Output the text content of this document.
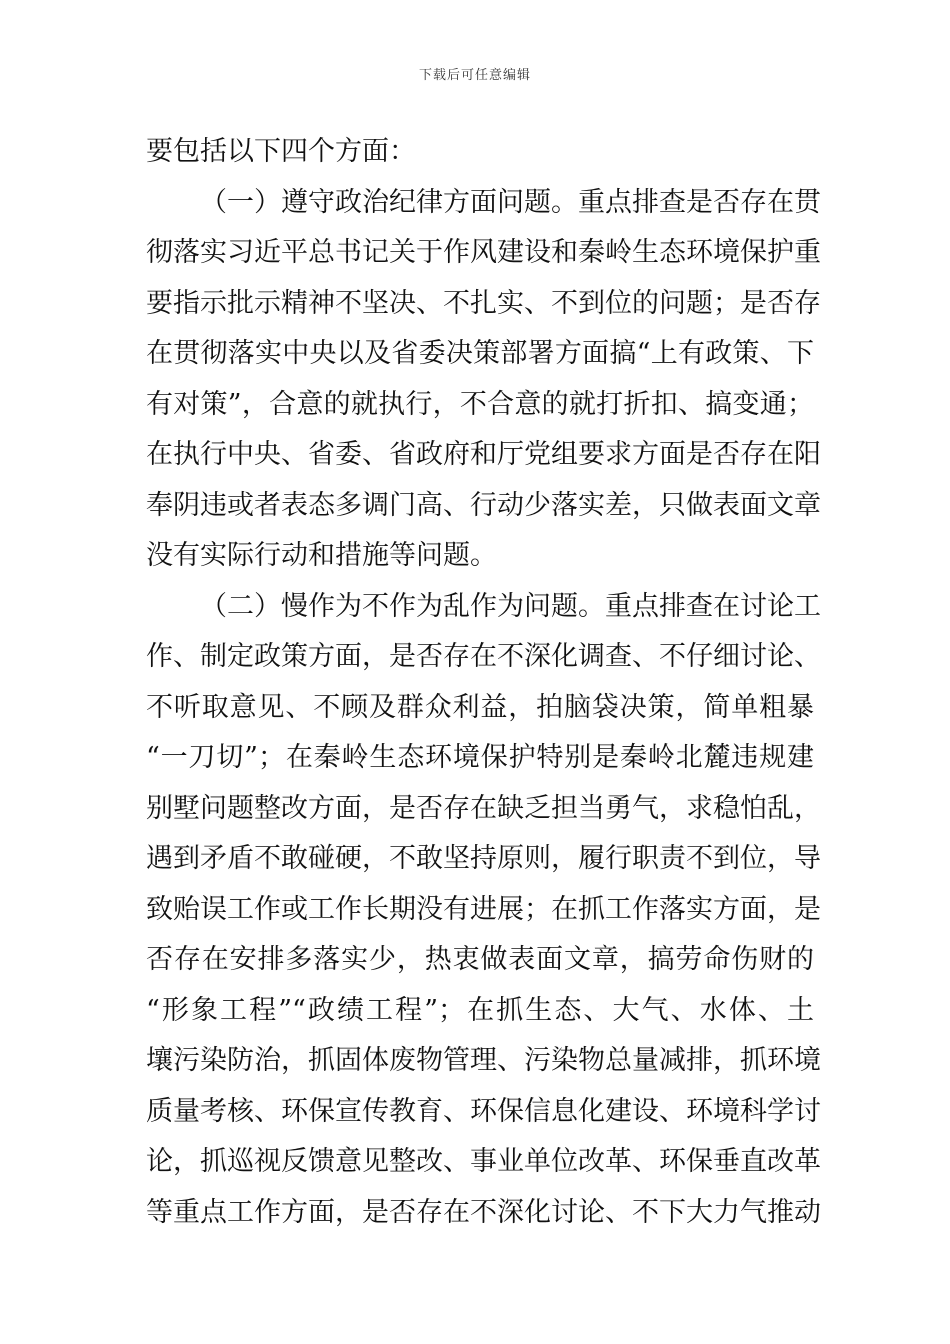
下载后可任意编辑
要包括以下四个方面：
（一）遵守政治纪律方面问题。重点排查是否存在贯
彻落实习近平总书记关于作风建设和秦岭生态环境保护重
要指示批示精神不坚决、不扎实、不到位的问题；是否存
在贯彻落实中央以及省委决策部署方面搞“上有政策、下
有对策”，合意的就执行，不合意的就打折扣、搞变通；
在执行中央、省委、省政府和厅党组要求方面是否存在阳
奉阴违或者表态多调门高、行动少落实差，只做表面文章
没有实际行动和措施等问题。
（二）慢作为不作为乱作为问题。重点排查在讨论工
作、制定政策方面，是否存在不深化调查、不仔细讨论、
不听取意见、不顾及群众利益，拍脑袋决策，简单粗暴
“一刀切”；在秦岭生态环境保护特别是秦岭北麓违规建
别墅问题整改方面，是否存在缺乏担当勇气，求稳怕乱，
遇到矛盾不敢碰硬，不敢坚持原则，履行职责不到位，导
致贻误工作或工作长期没有进展；在抓工作落实方面，是
否存在安排多落实少，热衷做表面文章，搞劳命伤财的
“形象工程”“政绩工程”；在抓生态、大气、水体、土
壤污染防治，抓固体废物管理、污染物总量减排，抓环境
质量考核、环保宣传教育、环保信息化建设、环境科学讨
论，抓巡视反馈意见整改、事业单位改革、环保垂直改革
等重点工作方面，是否存在不深化讨论、不下大力气推动
